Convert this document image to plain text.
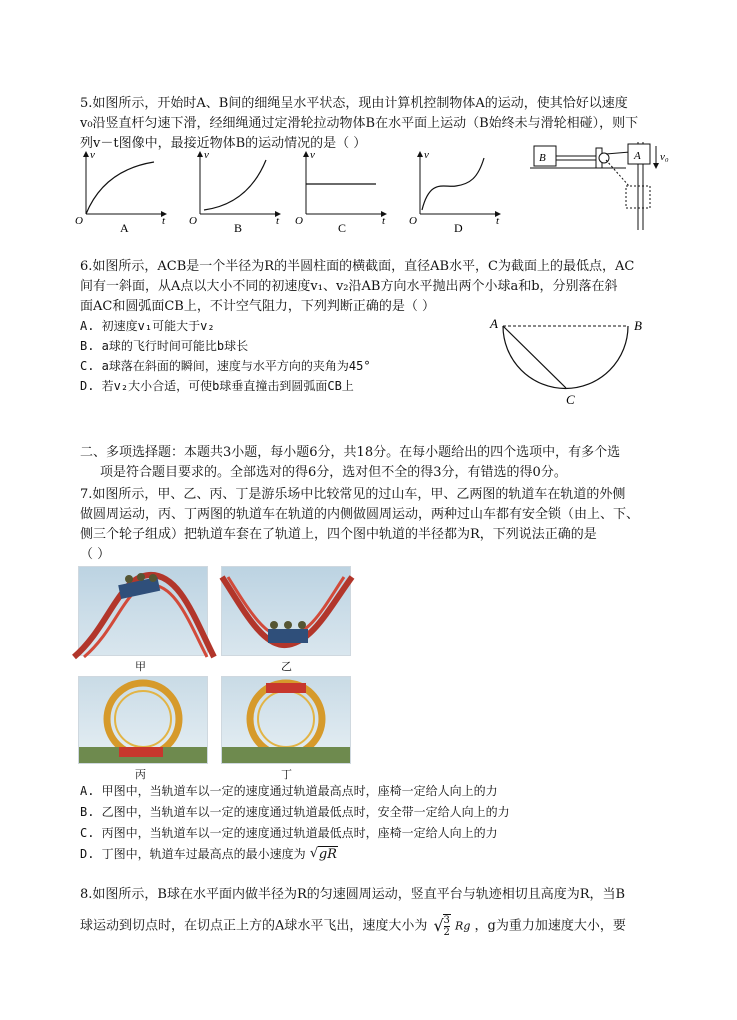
5.如图所示，开始时A、B间的细绳呈水平状态，现由计算机控制物体A的运动，使其恰好以速度
v₀沿竖直杆匀速下滑，经细绳通过定滑轮拉动物体B在水平面上运动（B始终未与滑轮相碰），则下
列v－t图像中，最接近物体B的运动情况的是（ ）
v
t
O	A
v
t
O	B
v
t
O	C
v
t
O	D
B	A v₀
6.如图所示，ACB是一个半径为R的半圆柱面的横截面，直径AB水平，C为截面上的最低点，AC
间有一斜面，从A点以大小不同的初速度v₁、v₂沿AB方向水平抛出两个小球a和b，分别落在斜
面AC和圆弧面CB上，不计空气阻力，下列判断正确的是（ ）
A. 初速度v₁可能大于v₂
B. a球的飞行时间可能比b球长
C. a球落在斜面的瞬间，速度与水平方向的夹角为45°
D. 若v₂大小合适，可使b球垂直撞击到圆弧面CB上
A	B
C
二、多项选择题：本题共3小题，每小题6分，共18分。在每小题给出的四个选项中，有多个选
项是符合题目要求的。全部选对的得6分，选对但不全的得3分，有错选的得0分。
7.如图所示，甲、乙、丙、丁是游乐场中比较常见的过山车，甲、乙两图的轨道车在轨道的外侧
做圆周运动，丙、丁两图的轨道车在轨道的内侧做圆周运动，两种过山车都有安全锁（由上、下、
侧三个轮子组成）把轨道车套在了轨道上，四个图中轨道的半径都为R，下列说法正确的是
（ ）
甲	乙
丙	丁
A. 甲图中，当轨道车以一定的速度通过轨道最高点时，座椅一定给人向上的力
B. 乙图中，当轨道车以一定的速度通过轨道最低点时，安全带一定给人向上的力
C. 丙图中，当轨道车以一定的速度通过轨道最低点时，座椅一定给人向上的力
D. 丁图中，轨道车过最高点的最小速度为 √ gR
8.如图所示，B球在水平面内做半径为R的匀速圆周运动，竖直平台与轨迹相切且高度为R，当B
球运动到切点时，在切点正上方的A球水平飞出，速度大小为 √
$\frac{3}{2}$ Rg ，g为重力加速度大小，要
